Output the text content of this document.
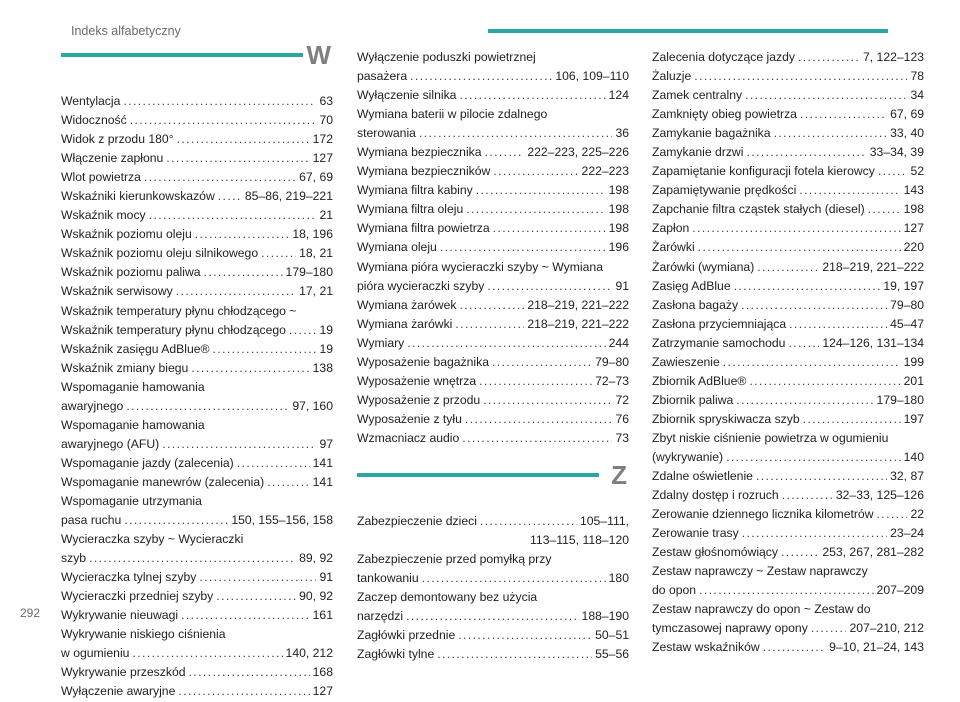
Indeks alfabetyczny
W
Wentylacja .....	63
Widoczność .....	70
Widok z przodu 180° .....	172
Włączenie zapłonu .....	127
Wlot powietrza .....	67, 69
Wskaźniki kierunkowskazów ..... 85–86, 219–221
Wskaźnik mocy .....	21
Wskaźnik poziomu oleju .....	18, 196
Wskaźnik poziomu oleju silnikowego .....	18, 21
Wskaźnik poziomu paliwa .....	179–180
Wskaźnik serwisowy .....	17, 21
Wskaźnik temperatury płynu chłodzącego ~
Wskaźnik temperatury płynu chłodzącego .....	19
Wskaźnik zasięgu AdBlue® .....	19
Wskaźnik zmiany biegu .....	138
Wspomaganie hamowania
awaryjnego .....	97, 160
Wspomaganie hamowania
awaryjnego (AFU) .....	97
Wspomaganie jazdy (zalecenia) .....	141
Wspomaganie manewrów (zalecenia) .....	141
Wspomaganie utrzymania
pasa ruchu .....	150, 155–156, 158
Wycieraczka szyby ~ Wycieraczki
szyb .....	89, 92
Wycieraczka tylnej szyby .....	91
Wycieraczki przedniej szyby .....	90, 92
Wykrywanie nieuwagi .....	161
Wykrywanie niskiego ciśnienia
w ogumieniu .....	140, 212
Wykrywanie przeszkód .....	168
Wyłączenie awaryjne .....	127
Wyłączenie poduszki powietrznej
pasażera .....	106, 109–110
Wyłączenie silnika .....	124
Wymiana baterii w pilocie zdalnego
sterowania .....	36
Wymiana bezpiecznika .....	222–223, 225–226
Wymiana bezpieczników .....	222–223
Wymiana filtra kabiny .....	198
Wymiana filtra oleju .....	198
Wymiana filtra powietrza .....	198
Wymiana oleju .....	196
Wymiana pióra wycieraczki szyby ~ Wymiana
pióra wycieraczki szyby .....	91
Wymiana żarówek .....	218–219, 221–222
Wymiana żarówki .....	218–219, 221–222
Wymiary .....	244
Wyposażenie bagażnika .....	79–80
Wyposażenie wnętrza .....	72–73
Wyposażenie z przodu .....	72
Wyposażenie z tyłu .....	76
Wzmacniacz audio .....	73
Z
Zabezpieczenie dzieci .....	105–111,
113–115, 118–120
Zabezpieczenie przed pomyłką przy
tankowaniu .....	180
Zaczep demontowany bez użycia
narzędzi .....	188–190
Zagłówki przednie .....	50–51
Zagłówki tylne .....	55–56
Zalecenia dotyczące jazdy .....	7, 122–123
Żaluzje .....	78
Zamek centralny .....	34
Zamknięty obieg powietrza .....	67, 69
Zamykanie bagażnika .....	33, 40
Zamykanie drzwi .....	33–34, 39
Zapamiętanie konfiguracji fotela kierowcy .....	52
Zapamiętywanie prędkości .....	143
Zapchanie filtra cząstek stałych (diesel) .....	198
Zapłon .....	127
Żarówki .....	220
Żarówki (wymiana) .....	218–219, 221–222
Zasięg AdBlue .....	19, 197
Zasłona bagaży .....	79–80
Zasłona przyciemniająca .....	45–47
Zatrzymanie samochodu .....	124–126, 131–134
Zawieszenie .....	199
Zbiornik AdBlue® .....	201
Zbiornik paliwa .....	179–180
Zbiornik spryskiwacza szyb .....	197
Zbyt niskie ciśnienie powietrza w ogumieniu
(wykrywanie) .....	140
Zdalne oświetlenie .....	32, 87
Zdalny dostęp i rozruch .....	32–33, 125–126
Zerowanie dziennego licznika kilometrów .....	22
Zerowanie trasy .....	23–24
Zestaw głośnomówiący .....	253, 267, 281–282
Zestaw naprawczy ~ Zestaw naprawczy
do opon .....	207–209
Zestaw naprawczy do opon ~ Zestaw do
tymczasowej naprawy opony .....	207–210, 212
Zestaw wskaźników .....	9–10, 21–24, 143
292
